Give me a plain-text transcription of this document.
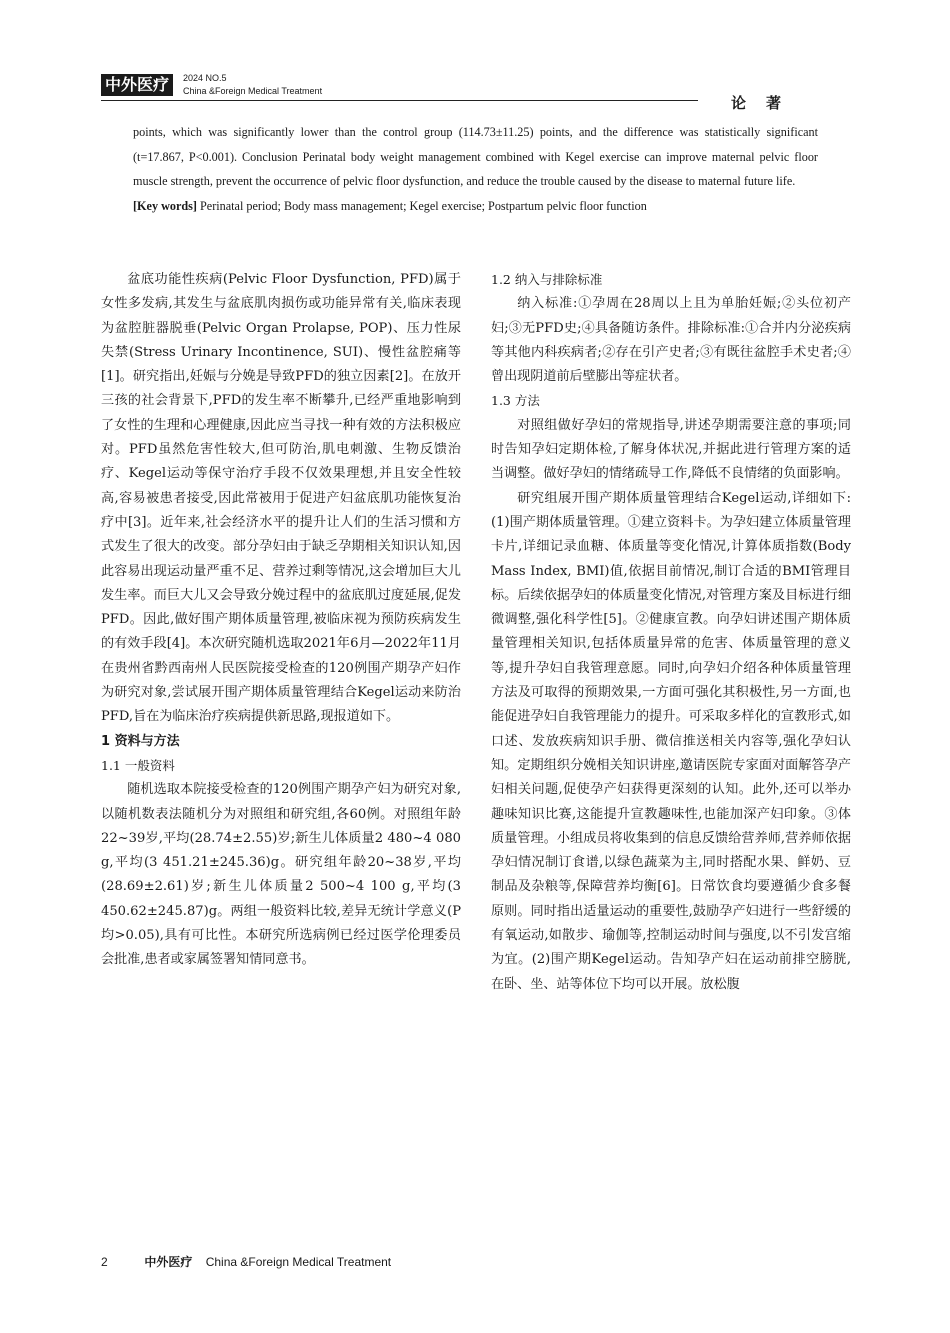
中外医疗	2024 NO.5
China &Foreign Medical Treatment
论著

points, which was significantly lower than the control group (114.73±11.25) points, and the difference was statistically significant (t=17.867, P<0.001). Conclusion Perinatal body weight management combined with Kegel exercise can improve maternal pelvic floor muscle strength, prevent the occurrence of pelvic floor dysfunction, and reduce the trouble caused by the disease to maternal future life.

[Key words] Perinatal period; Body mass management; Kegel exercise; Postpartum pelvic floor function

盆底功能性疾病(Pelvic Floor Dysfunction, PFD)属于女性多发病,其发生与盆底肌肉损伤或功能异常有关,临床表现为盆腔脏器脱垂(Pelvic Organ Prolapse, POP)、压力性尿失禁(Stress Urinary Incontinence, SUI)、慢性盆腔痛等[1]。研究指出,妊娠与分娩是导致PFD的独立因素[2]。在放开三孩的社会背景下,PFD的发生率不断攀升,已经严重地影响到了女性的生理和心理健康,因此应当寻找一种有效的方法积极应对。PFD虽然危害性较大,但可防治,肌电刺激、生物反馈治疗、Kegel运动等保守治疗手段不仅效果理想,并且安全性较高,容易被患者接受,因此常被用于促进产妇盆底肌功能恢复治疗中[3]。近年来,社会经济水平的提升让人们的生活习惯和方式发生了很大的改变。部分孕妇由于缺乏孕期相关知识认知,因此容易出现运动量严重不足、营养过剩等情况,这会增加巨大儿发生率。而巨大儿又会导致分娩过程中的盆底肌过度延展,促发PFD。因此,做好围产期体质量管理,被临床视为预防疾病发生的有效手段[4]。本次研究随机选取2021年6月—2022年11月在贵州省黔西南州人民医院接受检查的120例围产期孕产妇作为研究对象,尝试展开围产期体质量管理结合Kegel运动来防治PFD,旨在为临床治疗疾病提供新思路,现报道如下。

1 资料与方法

1.1 一般资料

随机选取本院接受检查的120例围产期孕产妇为研究对象,以随机数表法随机分为对照组和研究组,各60例。对照组年龄22~39岁,平均(28.74±2.55)岁;新生儿体质量2 480~4 080 g,平均(3 451.21±245.36)g。研究组年龄20~38岁,平均(28.69±2.61)岁;新生儿体质量2 500~4 100 g,平均(3 450.62±245.87)g。两组一般资料比较,差异无统计学意义(P均>0.05),具有可比性。本研究所选病例已经过医学伦理委员会批准,患者或家属签署知情同意书。

1.2 纳入与排除标准

纳入标准:①孕周在28周以上且为单胎妊娠;②头位初产妇;③无PFD史;④具备随访条件。排除标准:①合并内分泌疾病等其他内科疾病者;②存在引产史者;③有既往盆腔手术史者;④曾出现阴道前后壁膨出等症状者。

1.3 方法

对照组做好孕妇的常规指导,讲述孕期需要注意的事项;同时告知孕妇定期体检,了解身体状况,并据此进行管理方案的适当调整。做好孕妇的情绪疏导工作,降低不良情绪的负面影响。

研究组展开围产期体质量管理结合Kegel运动,详细如下:(1)围产期体质量管理。①建立资料卡。为孕妇建立体质量管理卡片,详细记录血糖、体质量等变化情况,计算体质指数(Body Mass Index, BMI)值,依据目前情况,制订合适的BMI管理目标。后续依据孕妇的体质量变化情况,对管理方案及目标进行细微调整,强化科学性[5]。②健康宣教。向孕妇讲述围产期体质量管理相关知识,包括体质量异常的危害、体质量管理的意义等,提升孕妇自我管理意愿。同时,向孕妇介绍各种体质量管理方法及可取得的预期效果,一方面可强化其积极性,另一方面,也能促进孕妇自我管理能力的提升。可采取多样化的宣教形式,如口述、发放疾病知识手册、微信推送相关内容等,强化孕妇认知。定期组织分娩相关知识讲座,邀请医院专家面对面解答孕产妇相关问题,促使孕产妇获得更深刻的认知。此外,还可以举办趣味知识比赛,这能提升宣教趣味性,也能加深产妇印象。③体质量管理。小组成员将收集到的信息反馈给营养师,营养师依据孕妇情况制订食谱,以绿色蔬菜为主,同时搭配水果、鲜奶、豆制品及杂粮等,保障营养均衡[6]。日常饮食均要遵循少食多餐原则。同时指出适量运动的重要性,鼓励孕产妇进行一些舒缓的有氧运动,如散步、瑜伽等,控制运动时间与强度,以不引发宫缩为宜。(2)围产期Kegel运动。告知孕产妇在运动前排空膀胱,在卧、坐、站等体位下均可以开展。放松腹

2	中外医疗 China &Foreign Medical Treatment
